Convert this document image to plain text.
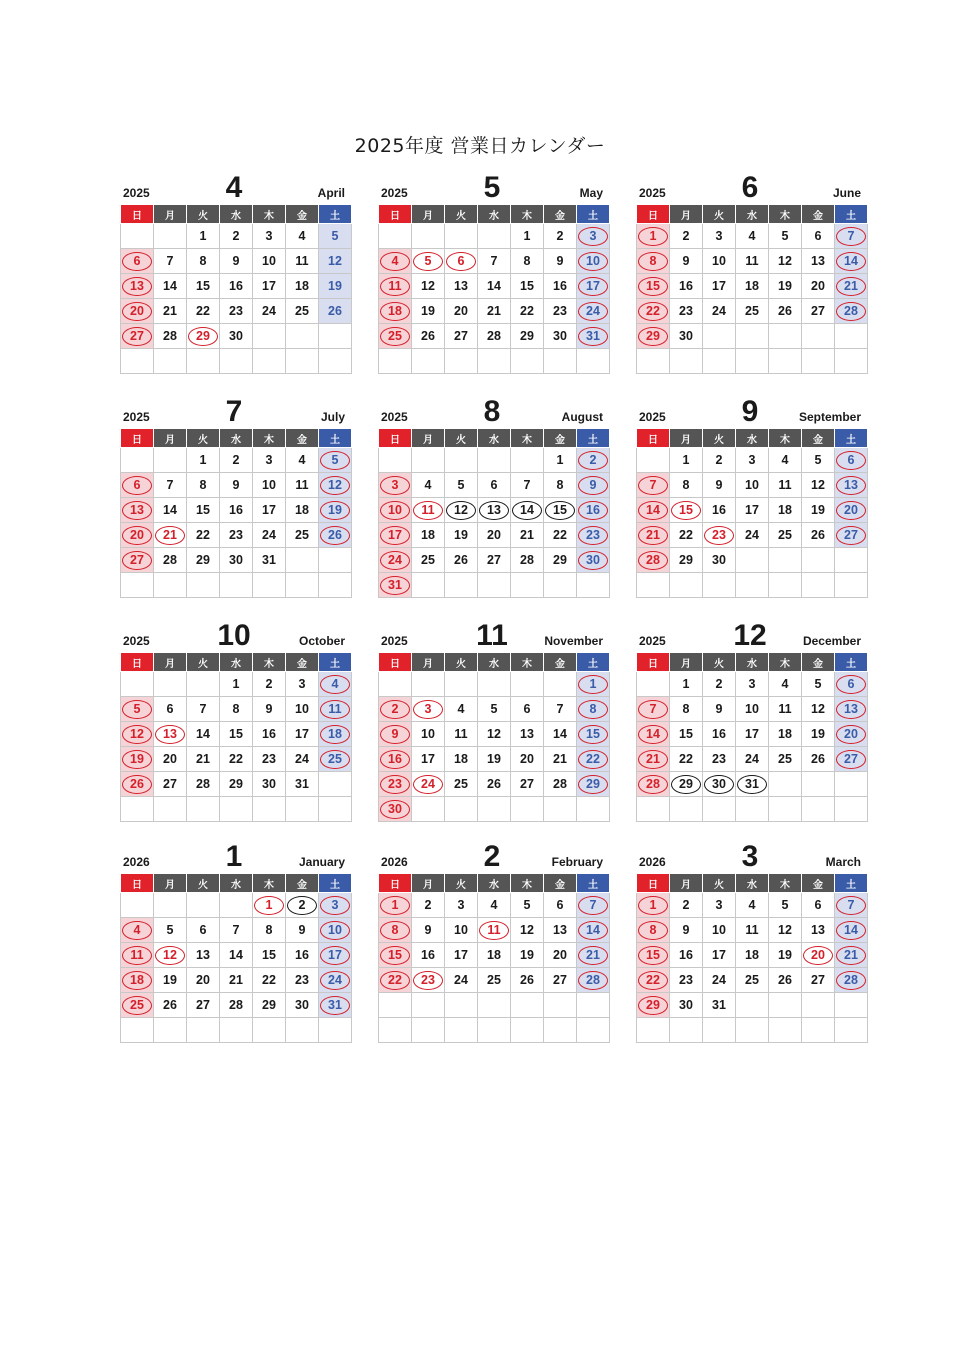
2025年度 営業日カレンダー
2025	4	April
日	月	火	水	木	金	土
		1	2	3	4	5
6	7	8	9	10	11	12
13	14	15	16	17	18	19
20	21	22	23	24	25	26
27	28	29	30			

2025	5	May
日	月	火	水	木	金	土
				1	2	3
4	5	6	7	8	9	10
11	12	13	14	15	16	17
18	19	20	21	22	23	24
25	26	27	28	29	30	31

2025	6	June
日	月	火	水	木	金	土
1	2	3	4	5	6	7
8	9	10	11	12	13	14
15	16	17	18	19	20	21
22	23	24	25	26	27	28
29	30					

2025	7	July
日	月	火	水	木	金	土
		1	2	3	4	5
6	7	8	9	10	11	12
13	14	15	16	17	18	19
20	21	22	23	24	25	26
27	28	29	30	31		

2025	8	August
日	月	火	水	木	金	土
					1	2
3	4	5	6	7	8	9
10	11	12	13	14	15	16
17	18	19	20	21	22	23
24	25	26	27	28	29	30
31						
2025	9	September
日	月	火	水	木	金	土
	1	2	3	4	5	6
7	8	9	10	11	12	13
14	15	16	17	18	19	20
21	22	23	24	25	26	27
28	29	30				

2025	10	October
日	月	火	水	木	金	土
			1	2	3	4
5	6	7	8	9	10	11
12	13	14	15	16	17	18
19	20	21	22	23	24	25
26	27	28	29	30	31	

2025	11	November
日	月	火	水	木	金	土
						1
2	3	4	5	6	7	8
9	10	11	12	13	14	15
16	17	18	19	20	21	22
23	24	25	26	27	28	29
30						
2025	12	December
日	月	火	水	木	金	土
	1	2	3	4	5	6
7	8	9	10	11	12	13
14	15	16	17	18	19	20
21	22	23	24	25	26	27
28	29	30	31			

2026	1	January
日	月	火	水	木	金	土
				1	2	3
4	5	6	7	8	9	10
11	12	13	14	15	16	17
18	19	20	21	22	23	24
25	26	27	28	29	30	31

2026	2	February
日	月	火	水	木	金	土
1	2	3	4	5	6	7
8	9	10	11	12	13	14
15	16	17	18	19	20	21
22	23	24	25	26	27	28

2026	3	March
日	月	火	水	木	金	土
1	2	3	4	5	6	7
8	9	10	11	12	13	14
15	16	17	18	19	20	21
22	23	24	25	26	27	28
29	30	31				
